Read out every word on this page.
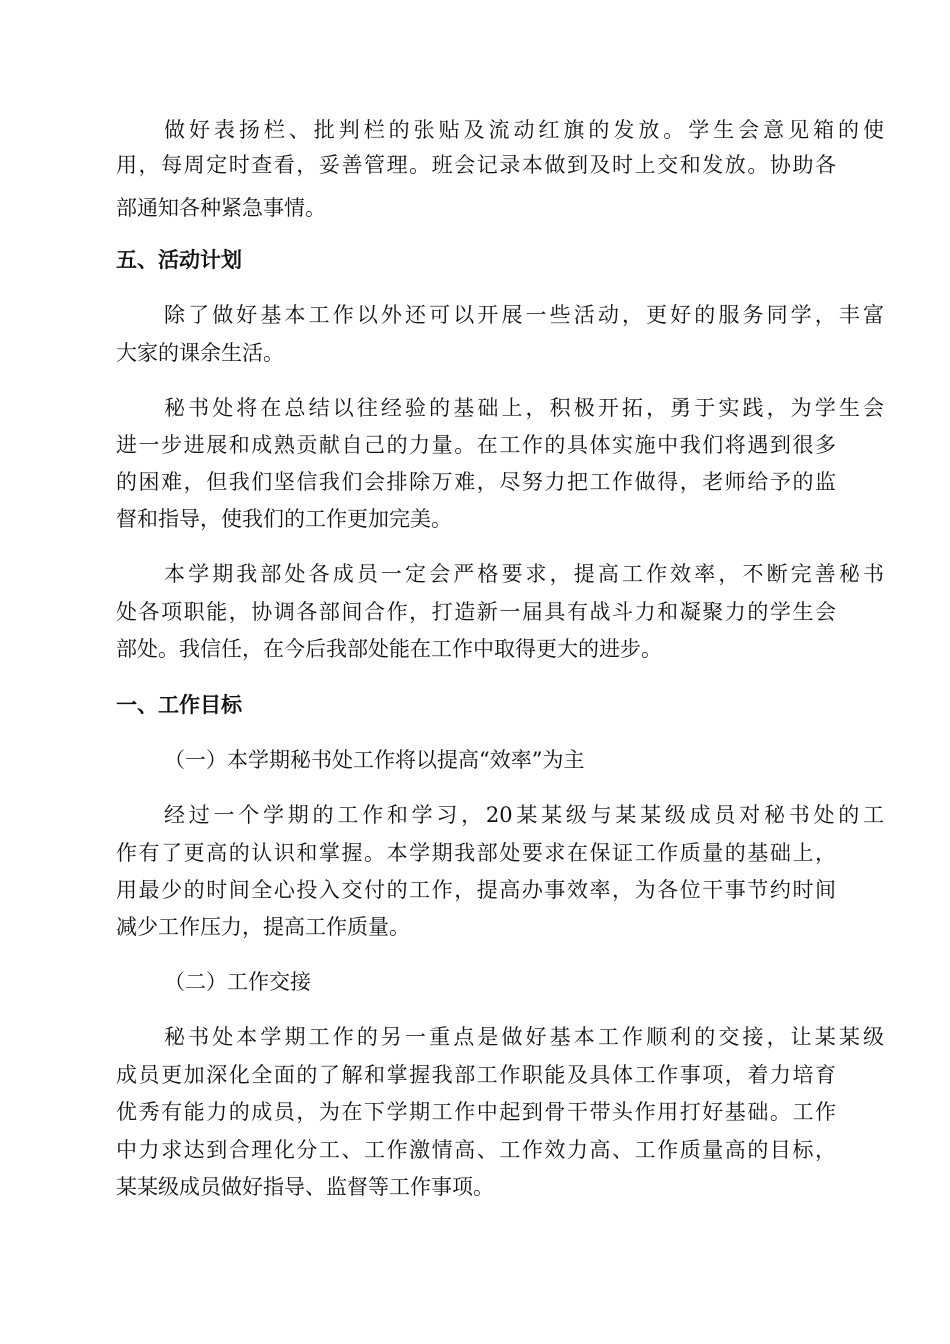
做好表扬栏、批判栏的张贴及流动红旗的发放。学生会意见箱的使

用，每周定时查看，妥善管理。班会记录本做到及时上交和发放。协助各

部通知各种紧急事情。

五、活动计划

除了做好基本工作以外还可以开展一些活动，更好的服务同学，丰富

大家的课余生活。

秘书处将在总结以往经验的基础上，积极开拓，勇于实践，为学生会

进一步进展和成熟贡献自己的力量。在工作的具体实施中我们将遇到很多

的困难，但我们坚信我们会排除万难，尽努力把工作做得，老师给予的监

督和指导，使我们的工作更加完美。

本学期我部处各成员一定会严格要求，提高工作效率，不断完善秘书

处各项职能，协调各部间合作，打造新一届具有战斗力和凝聚力的学生会

部处。我信任，在今后我部处能在工作中取得更大的进步。

一、工作目标

（一）本学期秘书处工作将以提高“效率”为主

经过一个学期的工作和学习，20某某级与某某级成员对秘书处的工

作有了更高的认识和掌握。本学期我部处要求在保证工作质量的基础上，

用最少的时间全心投入交付的工作，提高办事效率，为各位干事节约时间

减少工作压力，提高工作质量。

（二）工作交接

秘书处本学期工作的另一重点是做好基本工作顺利的交接，让某某级

成员更加深化全面的了解和掌握我部工作职能及具体工作事项，着力培育

优秀有能力的成员，为在下学期工作中起到骨干带头作用打好基础。工作

中力求达到合理化分工、工作激情高、工作效力高、工作质量高的目标，

某某级成员做好指导、监督等工作事项。
